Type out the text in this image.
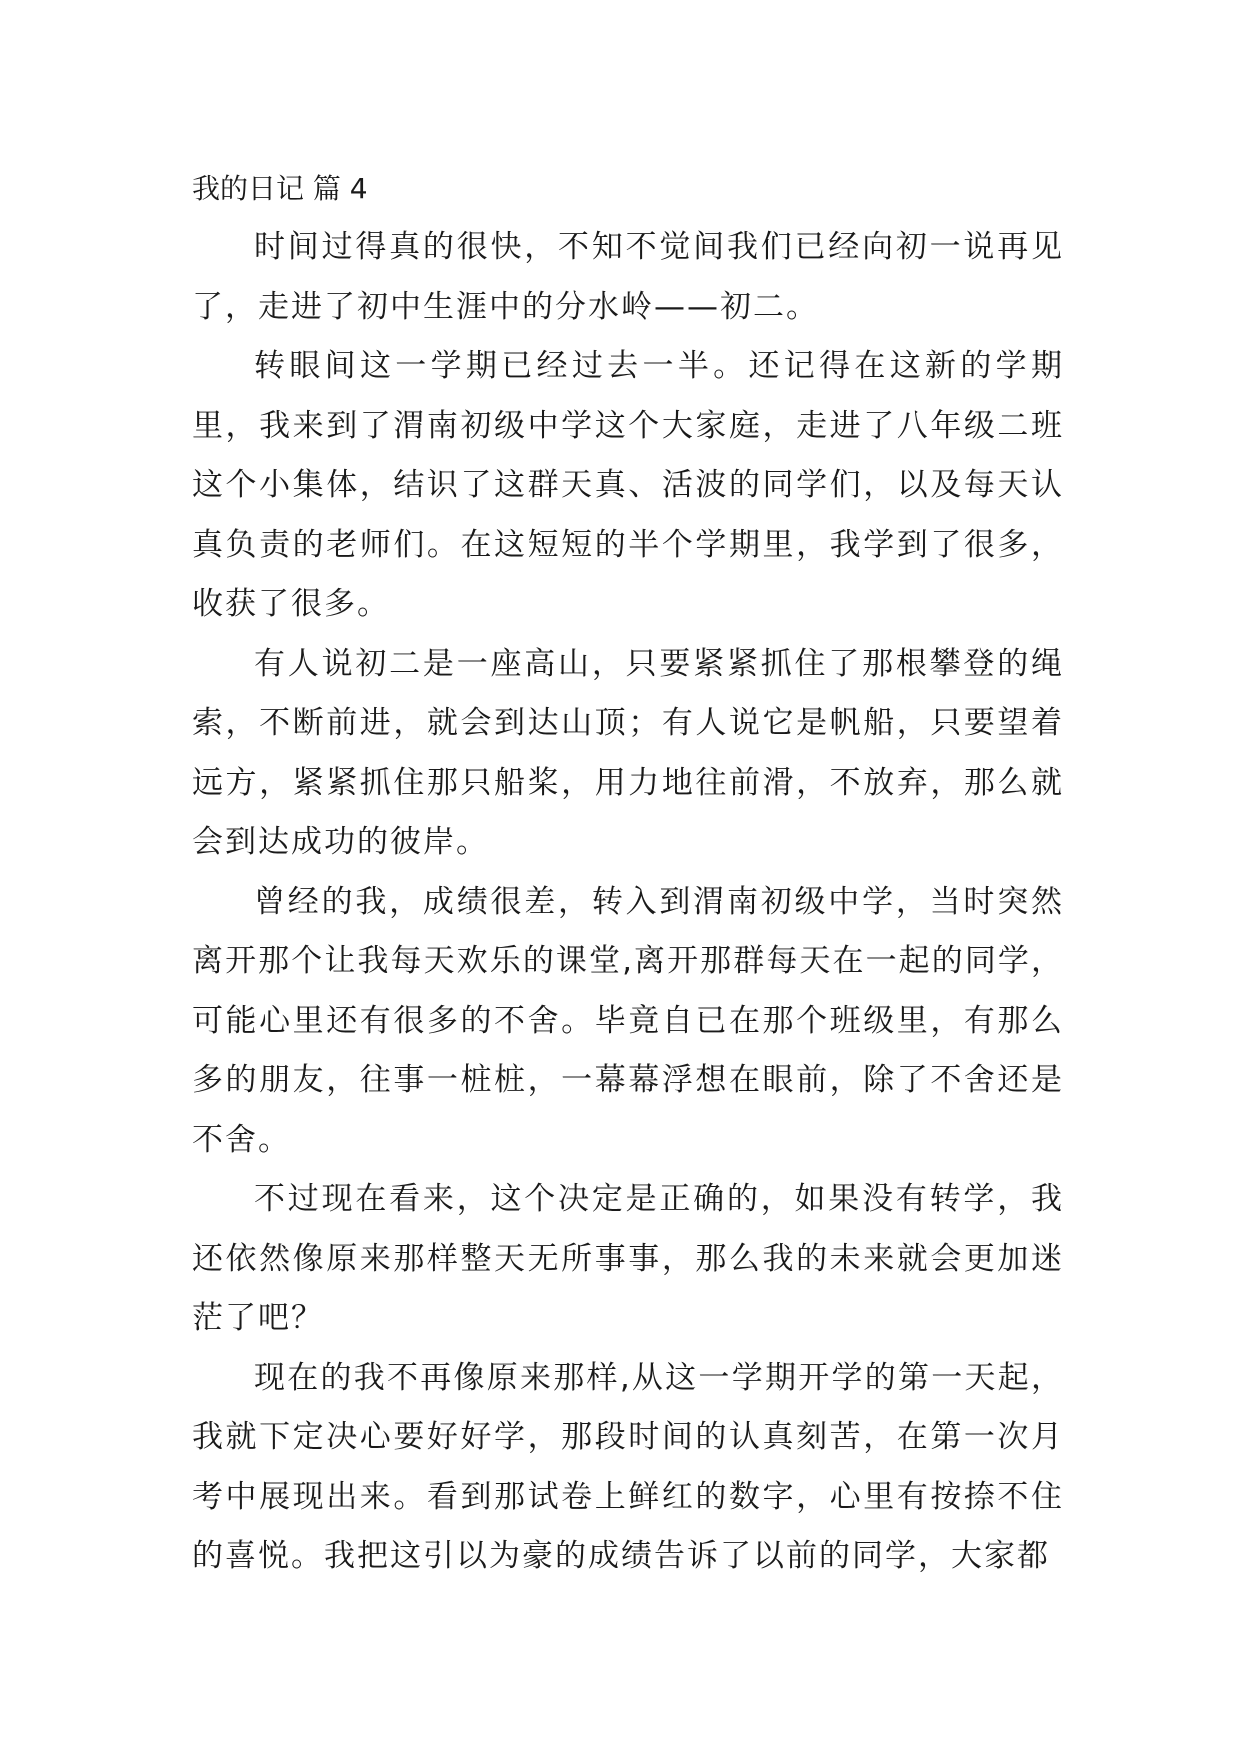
我的日记 篇 4

时间过得真的很快，不知不觉间我们已经向初一说再见了，走进了初中生涯中的分水岭——初二。

转眼间这一学期已经过去一半。还记得在这新的学期里，我来到了渭南初级中学这个大家庭，走进了八年级二班这个小集体，结识了这群天真、活波的同学们，以及每天认真负责的老师们。在这短短的半个学期里，我学到了很多，收获了很多。

有人说初二是一座高山，只要紧紧抓住了那根攀登的绳索，不断前进，就会到达山顶；有人说它是帆船，只要望着远方，紧紧抓住那只船桨，用力地往前滑，不放弃，那么就会到达成功的彼岸。

曾经的我，成绩很差，转入到渭南初级中学，当时突然离开那个让我每天欢乐的课堂,离开那群每天在一起的同学，可能心里还有很多的不舍。毕竟自已在那个班级里，有那么多的朋友，往事一桩桩，一幕幕浮想在眼前，除了不舍还是不舍。

不过现在看来，这个决定是正确的，如果没有转学，我还依然像原来那样整天无所事事，那么我的未来就会更加迷茫了吧？

现在的我不再像原来那样,从这一学期开学的第一天起，我就下定决心要好好学，那段时间的认真刻苦，在第一次月考中展现出来。看到那试卷上鲜红的数字，心里有按捺不住的喜悦。我把这引以为豪的成绩告诉了以前的同学，大家都
